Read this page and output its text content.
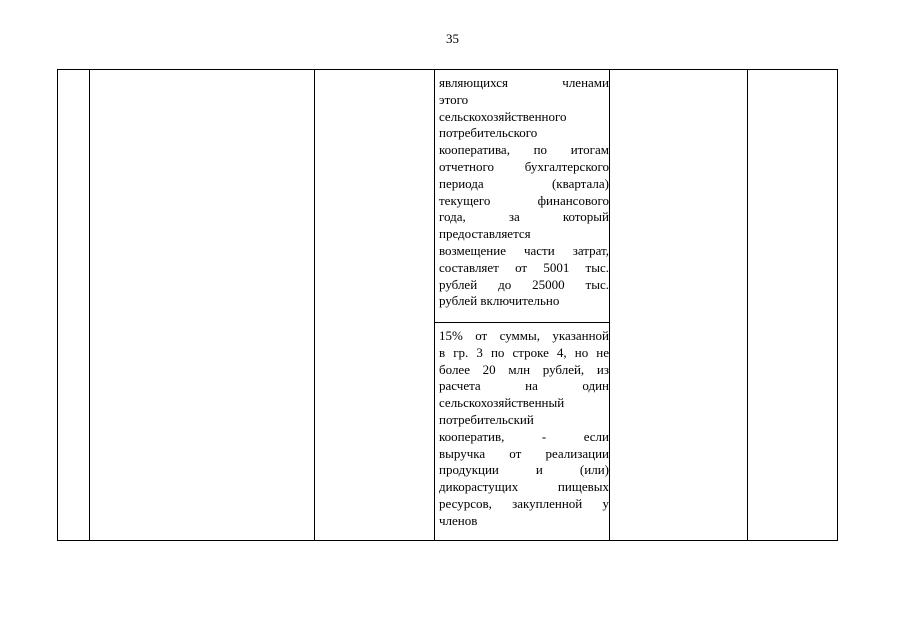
35
являющихся членами
этого
сельскохозяйственного
потребительского
кооператива, по итогам
отчетного бухгалтерского
периода (квартала)
текущего финансового
года, за который
предоставляется
возмещение части затрат,
составляет от 5001 тыс.
рублей до 25000 тыс.
рублей включительно
15% от суммы, указанной
в гр. 3 по строке 4, но не
более 20 млн рублей, из
расчета на один
сельскохозяйственный
потребительский
кооператив, - если
выручка от реализации
продукции и (или)
дикорастущих пищевых
ресурсов, закупленной у
членов
